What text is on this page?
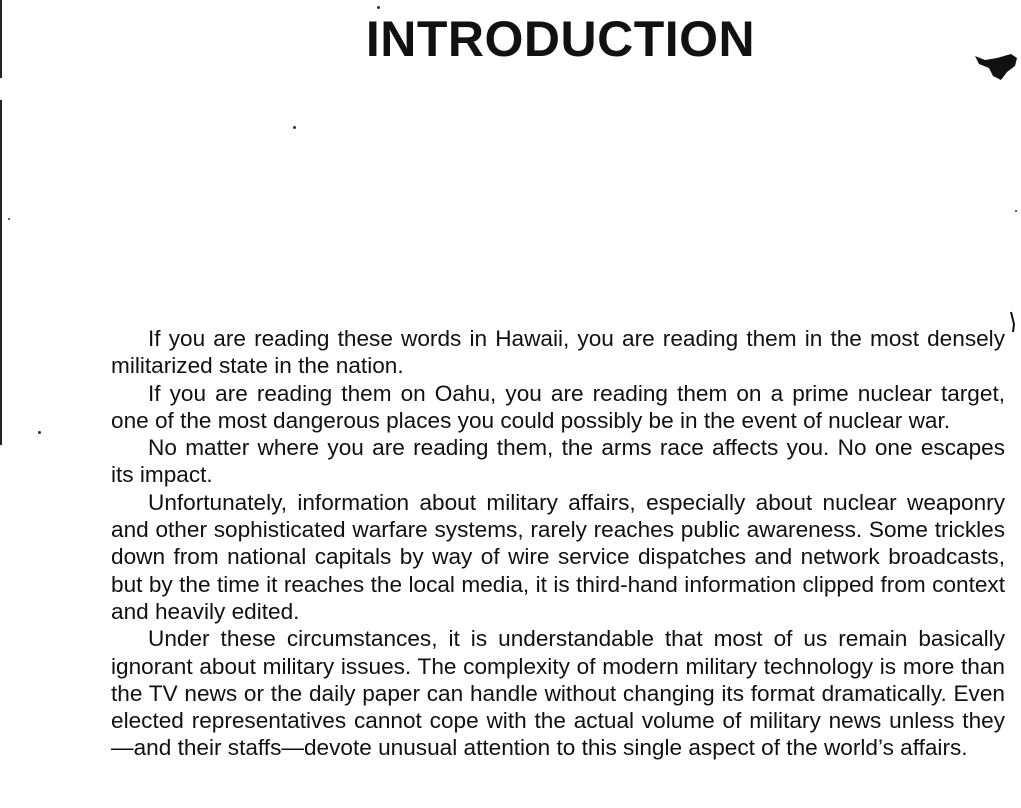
INTRODUCTION

If you are reading these words in Hawaii, you are reading them in the most densely militarized state in the nation.

If you are reading them on Oahu, you are reading them on a prime nuclear target, one of the most dangerous places you could possibly be in the event of nuclear war.

No matter where you are reading them, the arms race affects you. No one escapes its impact.

Unfortunately, information about military affairs, especially about nuclear weaponry and other sophisticated warfare systems, rarely reaches public awareness. Some trickles down from national capitals by way of wire service dispatches and network broadcasts, but by the time it reaches the local media, it is third-hand information clipped from context and heavily edited.

Under these circumstances, it is understandable that most of us remain basically ignorant about military issues. The complexity of modern military technology is more than the TV news or the daily paper can handle without changing its format dramatically. Even elected representatives cannot cope with the actual volume of military news unless they—and their staffs—devote unusual attention to this single aspect of the world’s affairs.
